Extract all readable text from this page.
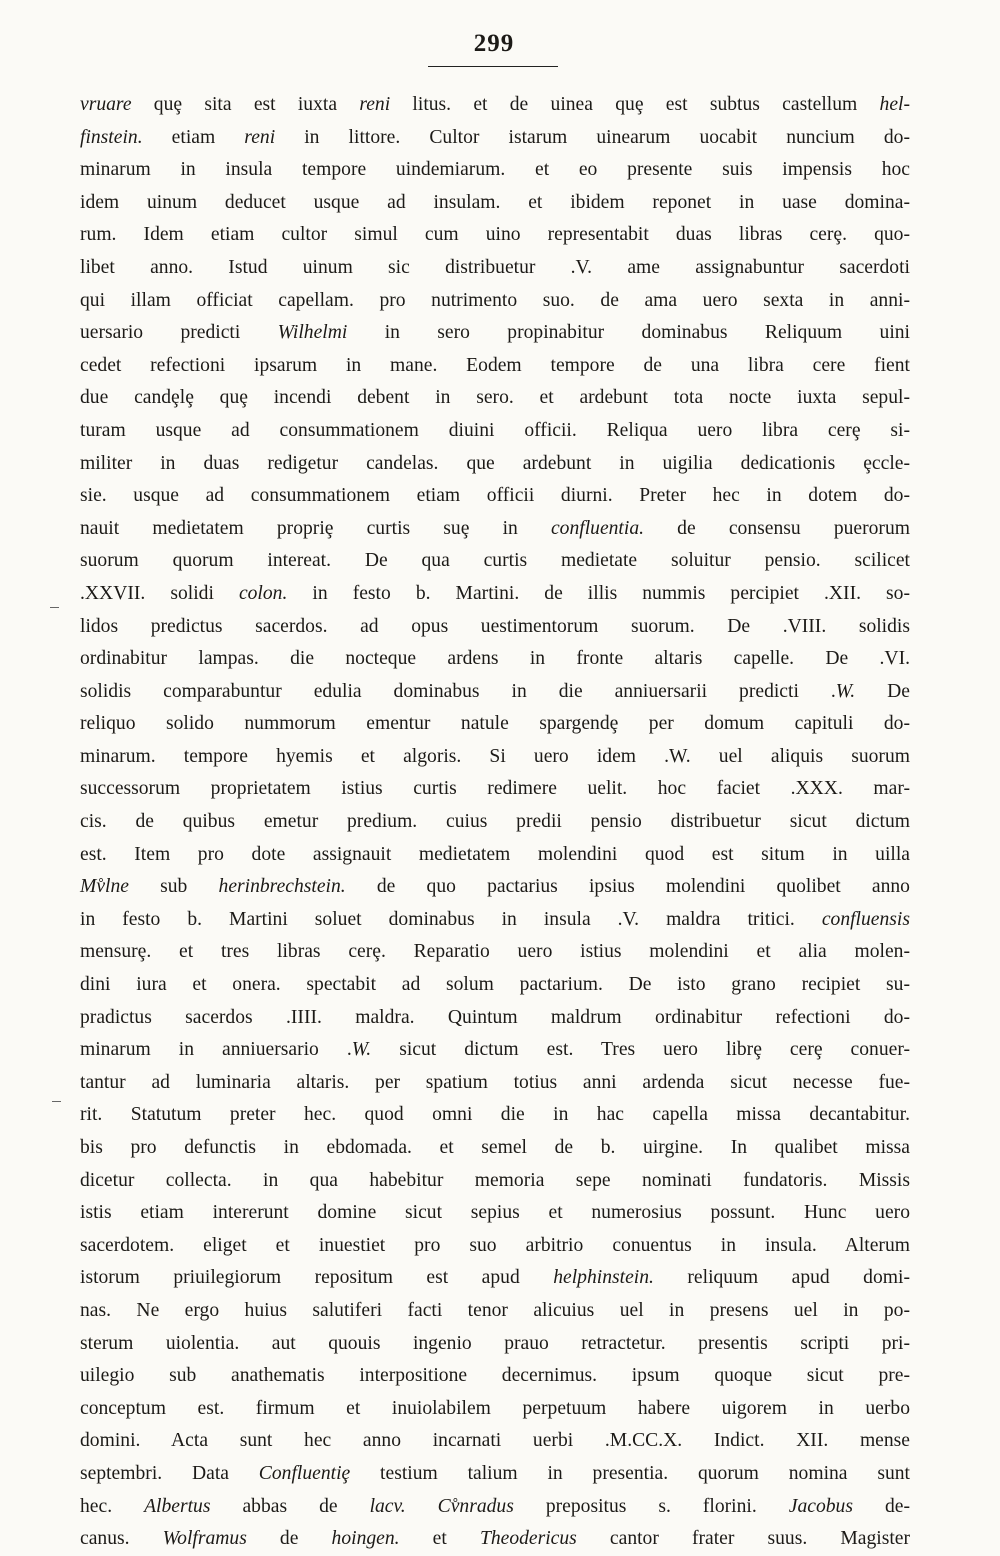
299
vruare quȩ sita est iuxta reni litus. et de uinea quȩ est subtus castellum hel-
finstein. etiam reni in littore. Cultor istarum uinearum uocabit nuncium do-
minarum in insula tempore uindemiarum. et eo presente suis impensis hoc
idem uinum deducet usque ad insulam. et ibidem reponet in uase domina-
rum. Idem etiam cultor simul cum uino representabit duas libras cerȩ. quo-
libet anno. Istud uinum sic distribuetur .V. ame assignabuntur sacerdoti
qui illam officiat capellam. pro nutrimento suo. de ama uero sexta in anni-
uersario predicti Wilhelmi in sero propinabitur dominabus Reliquum uini
cedet refectioni ipsarum in mane. Eodem tempore de una libra cere fient
due candȩlȩ quȩ incendi debent in sero. et ardebunt tota nocte iuxta sepul-
turam usque ad consummationem diuini officii. Reliqua uero libra cerȩ si-
militer in duas redigetur candelas. que ardebunt in uigilia dedicationis ȩccle-
sie. usque ad consummationem etiam officii diurni. Preter hec in dotem do-
nauit medietatem propriȩ curtis suȩ in confluentia. de consensu puerorum
suorum quorum intereat. De qua curtis medietate soluitur pensio. scilicet
.XXVII. solidi colon. in festo b. Martini. de illis nummis percipiet .XII. so-
lidos predictus sacerdos. ad opus uestimentorum suorum. De .VIII. solidis
ordinabitur lampas. die nocteque ardens in fronte altaris capelle. De .VI.
solidis comparabuntur edulia dominabus in die anniuersarii predicti .W. De
reliquo solido nummorum ementur natule spargendȩ per domum capituli do-
minarum. tempore hyemis et algoris. Si uero idem .W. uel aliquis suorum
successorum proprietatem istius curtis redimere uelit. hoc faciet .XXX. mar-
cis. de quibus emetur predium. cuius predii pensio distribuetur sicut dictum
est. Item pro dote assignauit medietatem molendini quod est situm in uilla
Mv̊lne sub herinbrechstein. de quo pactarius ipsius molendini quolibet anno
in festo b. Martini soluet dominabus in insula .V. maldra tritici. confluensis
mensurȩ. et tres libras cerȩ. Reparatio uero istius molendini et alia molen-
dini iura et onera. spectabit ad solum pactarium. De isto grano recipiet su-
pradictus sacerdos .IIII. maldra. Quintum maldrum ordinabitur refectioni do-
minarum in anniuersario .W. sicut dictum est. Tres uero librȩ cerȩ conuer-
tantur ad luminaria altaris. per spatium totius anni ardenda sicut necesse fue-
rit. Statutum preter hec. quod omni die in hac capella missa decantabitur.
bis pro defunctis in ebdomada. et semel de b. uirgine. In qualibet missa
dicetur collecta. in qua habebitur memoria sepe nominati fundatoris. Missis
istis etiam intererunt domine sicut sepius et numerosius possunt. Hunc uero
sacerdotem. eliget et inuestiet pro suo arbitrio conuentus in insula. Alterum
istorum priuilegiorum repositum est apud helphinstein. reliquum apud domi-
nas. Ne ergo huius salutiferi facti tenor alicuius uel in presens uel in po-
sterum uiolentia. aut quouis ingenio prauo retractetur. presentis scripti pri-
uilegio sub anathematis interpositione decernimus. ipsum quoque sicut pre-
conceptum est. firmum et inuiolabilem perpetuum habere uigorem in uerbo
domini. Acta sunt hec anno incarnati uerbi .M.CC.X. Indict. XII. mense
septembri. Data Confluentiȩ testium talium in presentia. quorum nomina sunt
hec. Albertus abbas de lacv. Cv̊nradus prepositus s. florini. Jacobus de-
canus. Wolframus de hoingen. et Theodericus cantor frater suus. Magister
